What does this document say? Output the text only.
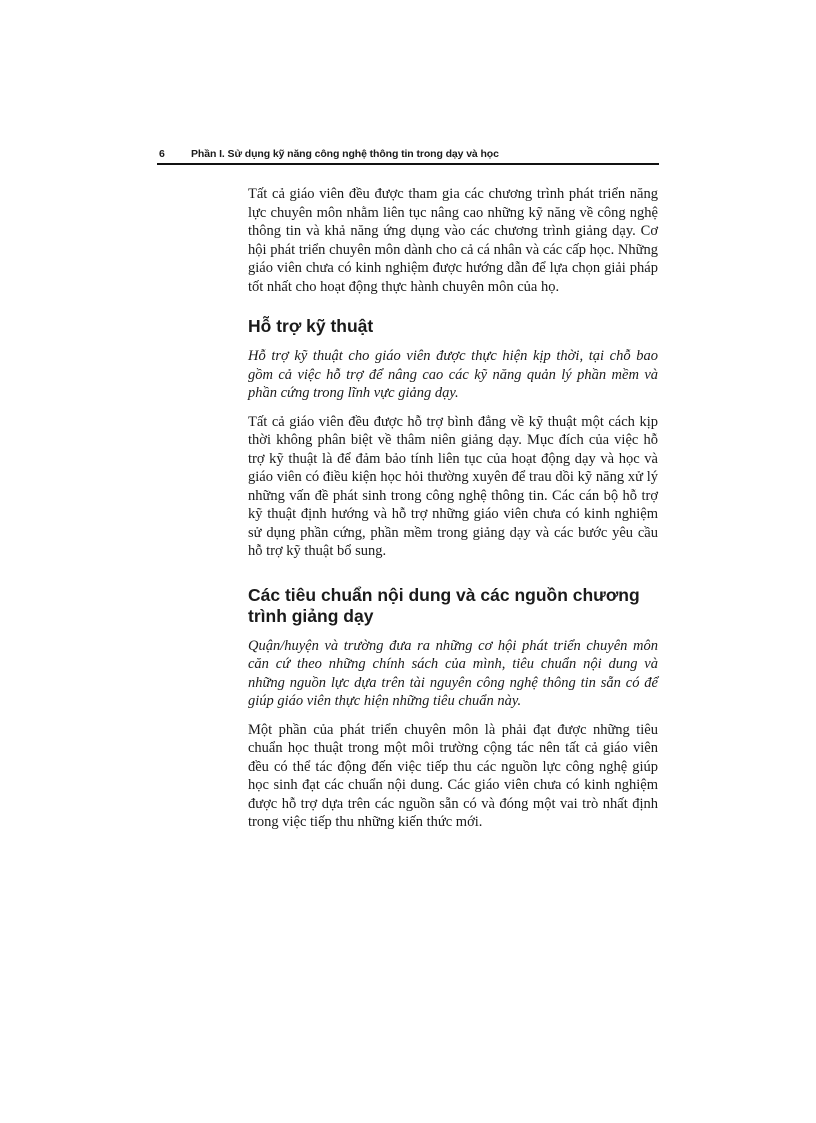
6 Phần I. Sử dụng kỹ năng công nghệ thông tin trong dạy và học

Tất cả giáo viên đều được tham gia các chương trình phát triển năng lực chuyên môn nhằm liên tục nâng cao những kỹ năng về công nghệ thông tin và khả năng ứng dụng vào các chương trình giảng dạy. Cơ hội phát triển chuyên môn dành cho cả cá nhân và các cấp học. Những giáo viên chưa có kinh nghiệm được hướng dẫn để lựa chọn giải pháp tốt nhất cho hoạt động thực hành chuyên môn của họ.

Hỗ trợ kỹ thuật

Hỗ trợ kỹ thuật cho giáo viên được thực hiện kịp thời, tại chỗ bao gồm cả việc hỗ trợ để nâng cao các kỹ năng quản lý phần mềm và phần cứng trong lĩnh vực giảng dạy.

Tất cả giáo viên đều được hỗ trợ bình đẳng về kỹ thuật một cách kịp thời không phân biệt về thâm niên giảng dạy. Mục đích của việc hỗ trợ kỹ thuật là để đảm bảo tính liên tục của hoạt động dạy và học và giáo viên có điều kiện học hỏi thường xuyên để trau dồi kỹ năng xử lý những vấn đề phát sinh trong công nghệ thông tin. Các cán bộ hỗ trợ kỹ thuật định hướng và hỗ trợ những giáo viên chưa có kinh nghiệm sử dụng phần cứng, phần mềm trong giảng dạy và các bước yêu cầu hỗ trợ kỹ thuật bổ sung.

Các tiêu chuẩn nội dung và các nguồn chương trình giảng dạy

Quận/huyện và trường đưa ra những cơ hội phát triển chuyên môn căn cứ theo những chính sách của mình, tiêu chuẩn nội dung và những nguồn lực dựa trên tài nguyên công nghệ thông tin sẵn có để giúp giáo viên thực hiện những tiêu chuẩn này.

Một phần của phát triển chuyên môn là phải đạt được những tiêu chuẩn học thuật trong một môi trường cộng tác nên tất cả giáo viên đều có thể tác động đến việc tiếp thu các nguồn lực công nghệ giúp học sinh đạt các chuẩn nội dung. Các giáo viên chưa có kinh nghiệm được hỗ trợ dựa trên các nguồn sẵn có và đóng một vai trò nhất định trong việc tiếp thu những kiến thức mới.
